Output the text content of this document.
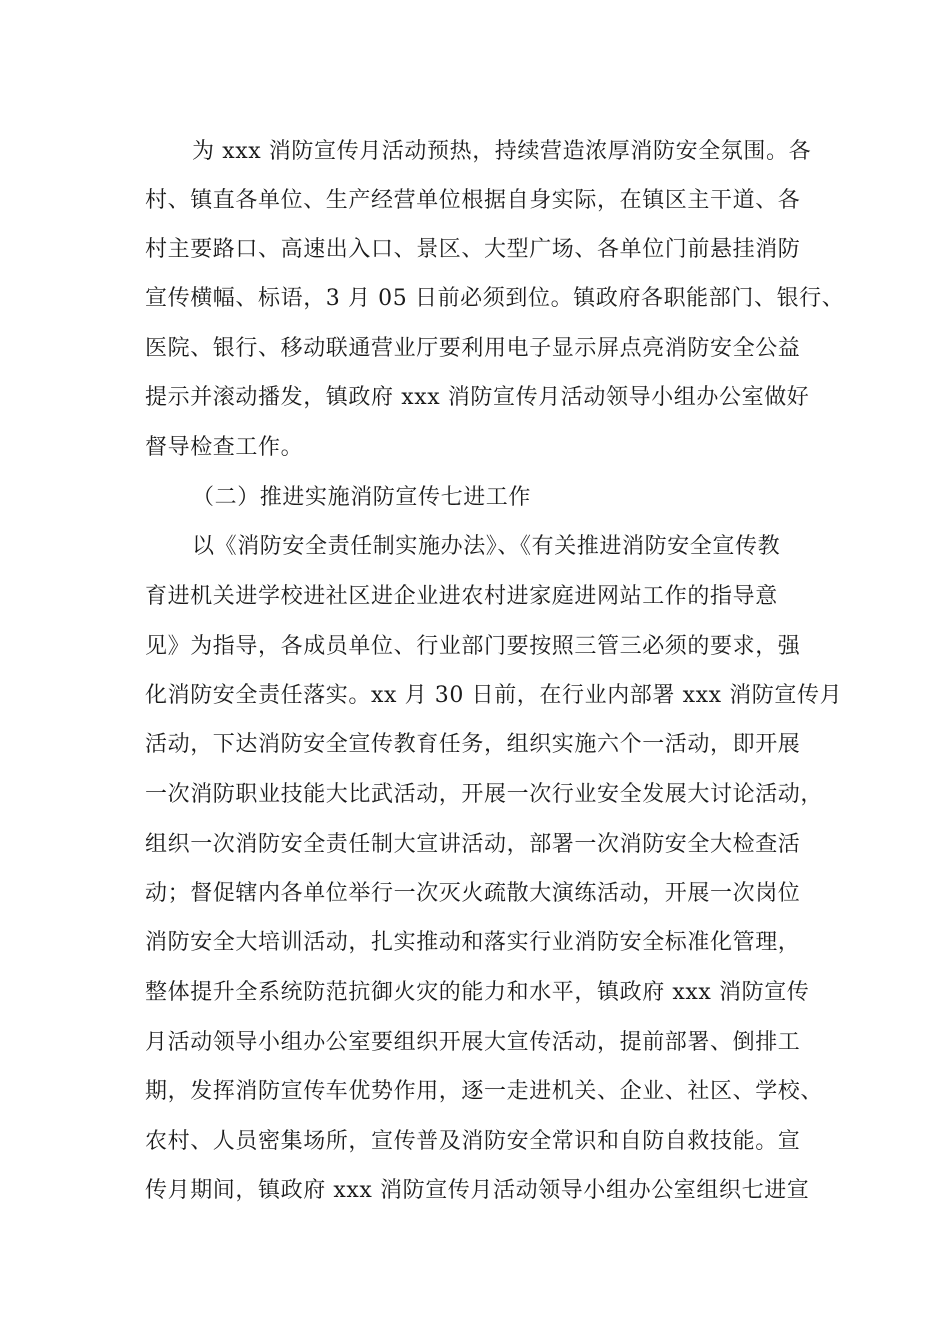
为 xxx 消防宣传月活动预热，持续营造浓厚消防安全氛围。各
村、镇直各单位、生产经营单位根据自身实际，在镇区主干道、各
村主要路口、高速出入口、景区、大型广场、各单位门前悬挂消防
宣传横幅、标语，3 月 05 日前必须到位。镇政府各职能部门、银行、
医院、银行、移动联通营业厅要利用电子显示屏点亮消防安全公益
提示并滚动播发，镇政府 xxx 消防宣传月活动领导小组办公室做好
督导检查工作。
（二）推进实施消防宣传七进工作
以《消防安全责任制实施办法》、《有关推进消防安全宣传教
育进机关进学校进社区进企业进农村进家庭进网站工作的指导意
见》为指导，各成员单位、行业部门要按照三管三必须的要求，强
化消防安全责任落实。xx 月 30 日前，在行业内部署 xxx 消防宣传月
活动，下达消防安全宣传教育任务，组织实施六个一活动，即开展
一次消防职业技能大比武活动，开展一次行业安全发展大讨论活动，
组织一次消防安全责任制大宣讲活动，部署一次消防安全大检查活
动；督促辖内各单位举行一次灭火疏散大演练活动，开展一次岗位
消防安全大培训活动，扎实推动和落实行业消防安全标准化管理，
整体提升全系统防范抗御火灾的能力和水平，镇政府 xxx 消防宣传
月活动领导小组办公室要组织开展大宣传活动，提前部署、倒排工
期，发挥消防宣传车优势作用，逐一走进机关、企业、社区、学校、
农村、人员密集场所，宣传普及消防安全常识和自防自救技能。宣
传月期间，镇政府 xxx 消防宣传月活动领导小组办公室组织七进宣
